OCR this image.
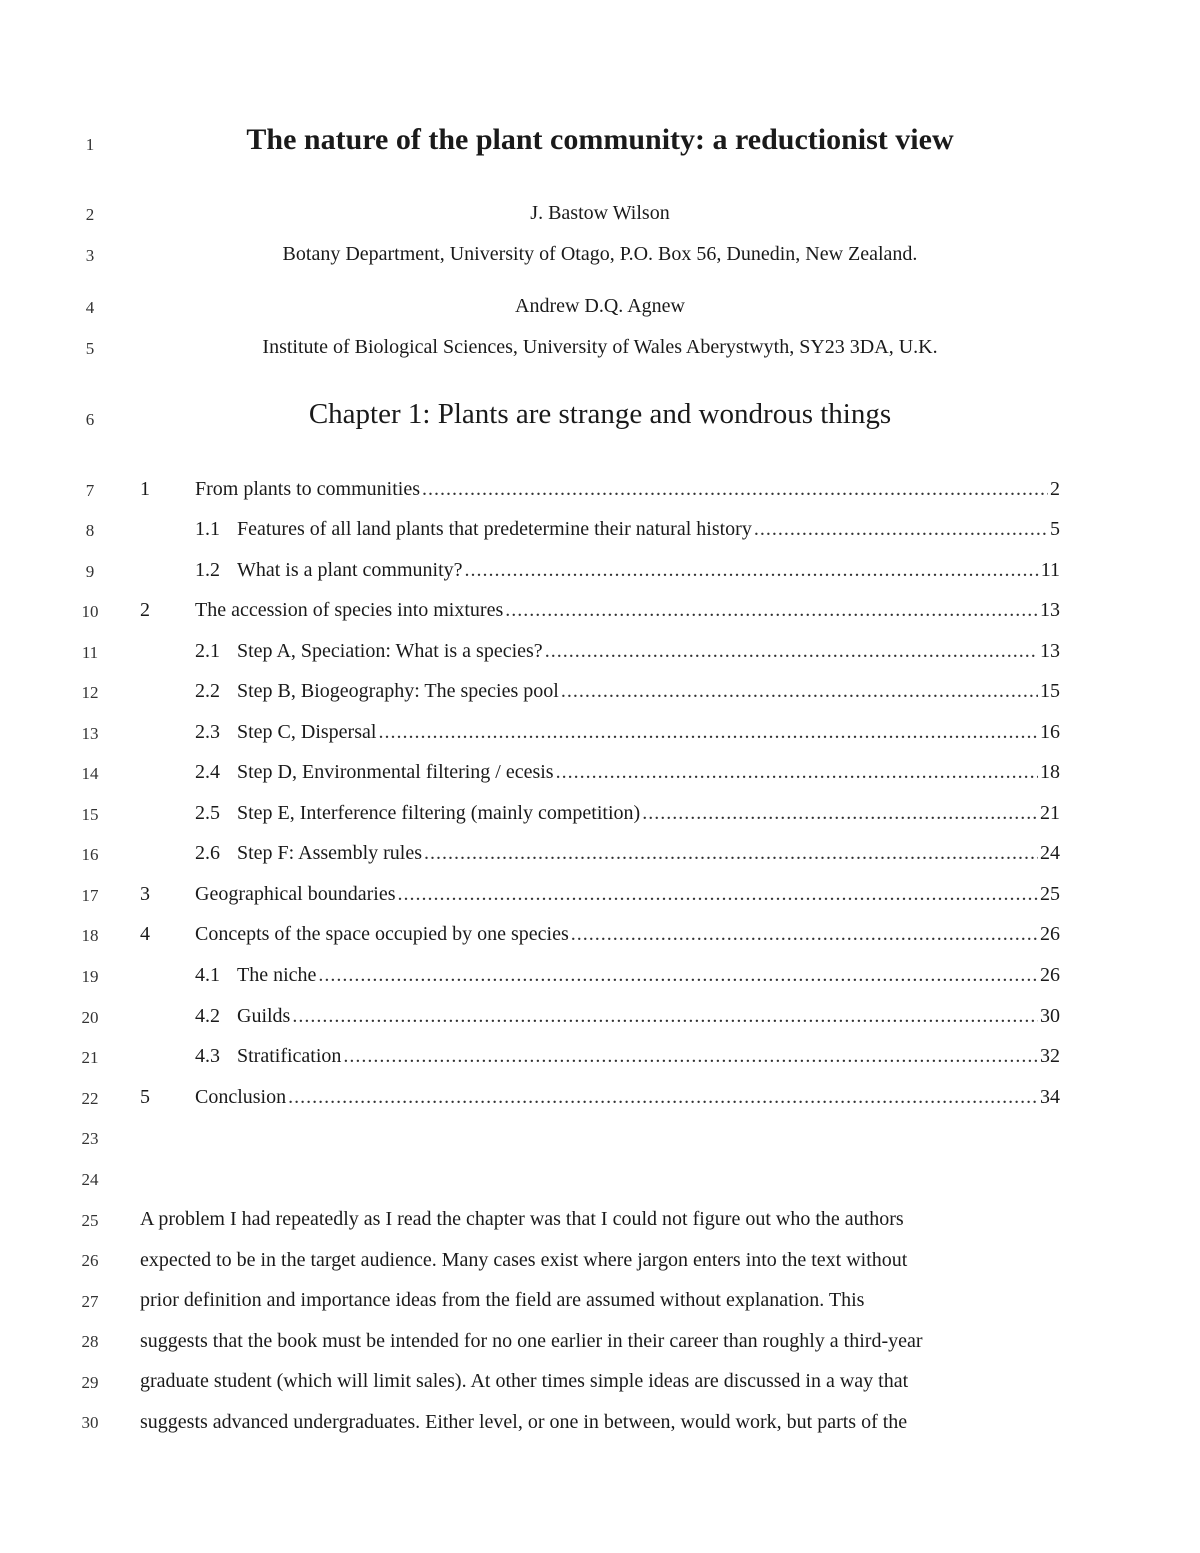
1
2
3
4
5
6
7
8
9
10
11
12
13
14
15
16
17
18
19
20
21
22
23
24
25
26
27
28
29
30
The nature of the plant community: a reductionist view
J. Bastow Wilson
Botany Department, University of Otago, P.O. Box 56, Dunedin, New Zealand.
Andrew D.Q. Agnew
Institute of Biological Sciences, University of Wales Aberystwyth, SY23 3DA, U.K.
Chapter 1: Plants are strange and wondrous things
1 From plants to communities . . .	2
1.1 Features of all land plants that predetermine their natural history . . .	5
1.2 What is a plant community? . . .	11
2 The accession of species into mixtures . . .	13
2.1 Step A, Speciation: What is a species? . . .	13
2.2 Step B, Biogeography: The species pool . . .	15
2.3 Step C, Dispersal . . .	16
2.4 Step D, Environmental filtering / ecesis . . .	18
2.5 Step E, Interference filtering (mainly competition) . . .	21
2.6 Step F: Assembly rules . . .	24
3 Geographical boundaries . . .	25
4 Concepts of the space occupied by one species . . .	26
4.1 The niche . . .	26
4.2 Guilds . . .	30
4.3 Stratification . . .	32
5 Conclusion . . .	34
A problem I had repeatedly as I read the chapter was that I could not figure out who the authors
expected to be in the target audience. Many cases exist where jargon enters into the text without
prior definition and importance ideas from the field are assumed without explanation. This
suggests that the book must be intended for no one earlier in their career than roughly a third-year
graduate student (which will limit sales). At other times simple ideas are discussed in a way that
suggests advanced undergraduates. Either level, or one in between, would work, but parts of the
